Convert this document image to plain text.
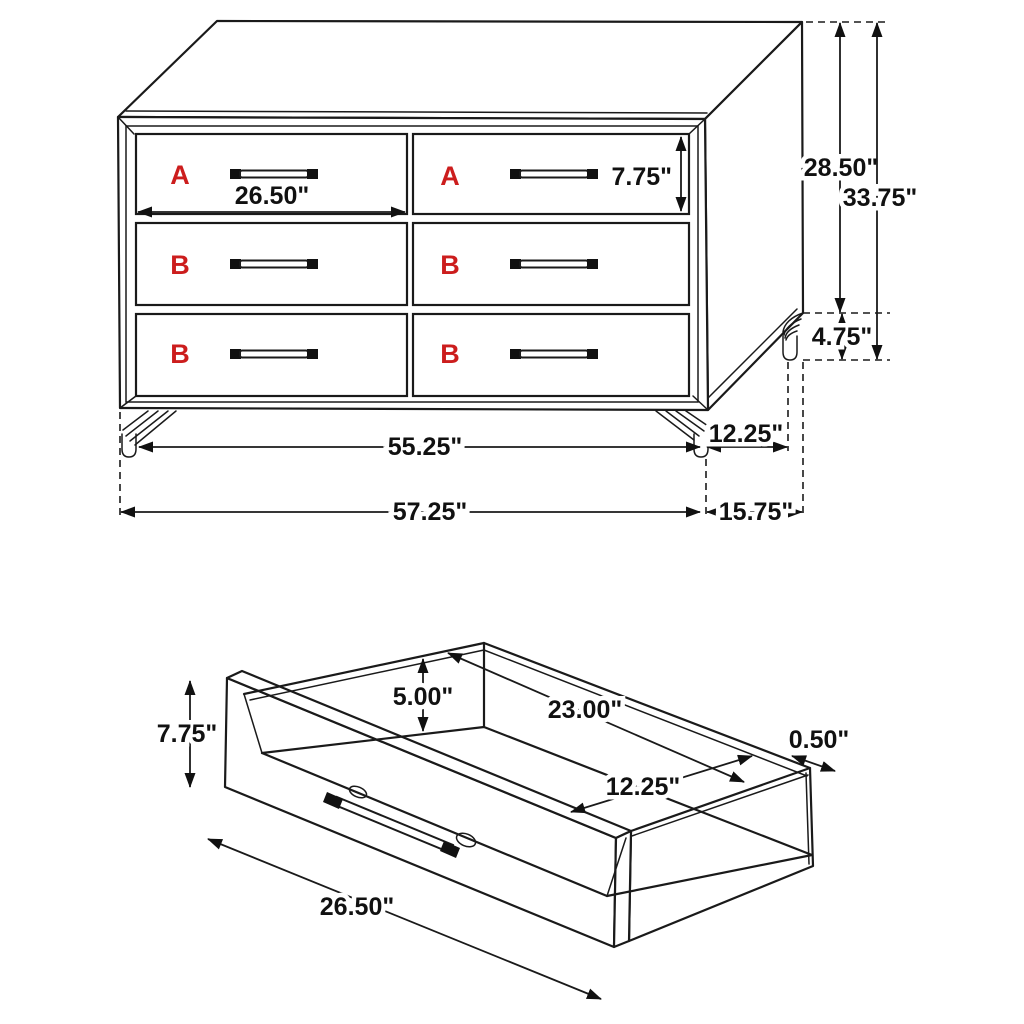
A	A
B	B
B	B
26.50"
7.75"	28.50"
33.75"
4.75"
55.25"	12.25"
57.25"	15.75"
7.75"
5.00"	23.00"
12.25"
0.50"
26.50"
